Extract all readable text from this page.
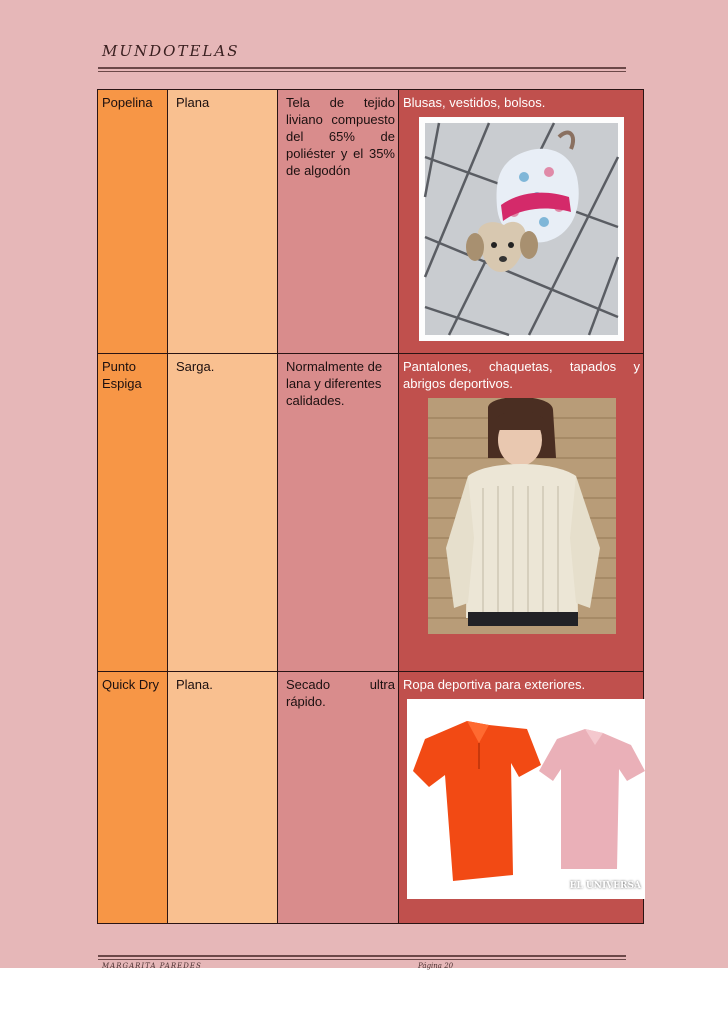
MUNDOTELAS
Popelina	Plana	Tela de tejido liviano compuesto del 65% de poliéster y el 35% de algodón	Blusas, vestidos, bolsos.

Punto Espiga	Sarga.	Normalmente de lana y diferentes calidades.	Pantalones, chaquetas, tapados y abrigos deportivos.

Quick Dry	Plana.	Secado ultra rápido.	Ropa deportiva para exteriores.
EL UNIVERSA
MARGARITA PAREDES	Página 20
